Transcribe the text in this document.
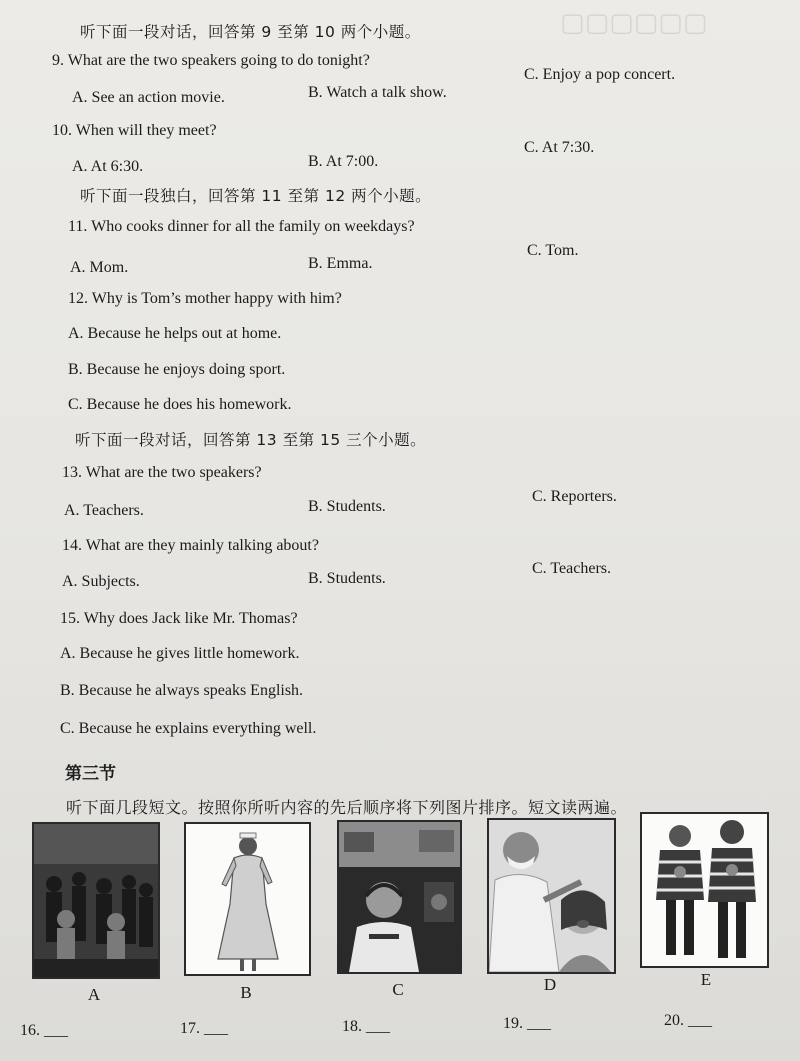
▢▢▢▢▢▢
听下面一段对话，回答第 9 至第 10 两个小题。
9. What are the two speakers going to do tonight?
A. See an action movie.	B. Watch a talk show.
C. Enjoy a pop concert.
10. When will they meet?
A. At 6:30.	B. At 7:00.
C. At 7:30.
听下面一段独白，回答第 11 至第 12 两个小题。
11. Who cooks dinner for all the family on weekdays?
A. Mom.	B. Emma.
C. Tom.
12. Why is Tom’s mother happy with him?
A. Because he helps out at home.
B. Because he enjoys doing sport.
C. Because he does his homework.
听下面一段对话，回答第 13 至第 15 三个小题。
13. What are the two speakers?
A. Teachers.	B. Students.
C. Reporters.
14. What are they mainly talking about?
A. Subjects.	B. Students.
C. Teachers.
15. Why does Jack like Mr. Thomas?
A. Because he gives little homework.
B. Because he always speaks English.
C. Because he explains everything well.
第三节
听下面几段短文。按照你所听内容的先后顺序将下列图片排序。短文读两遍。
A	B	C	D	E
16. ___	17. ___	18. ___	19. ___	20. ___
